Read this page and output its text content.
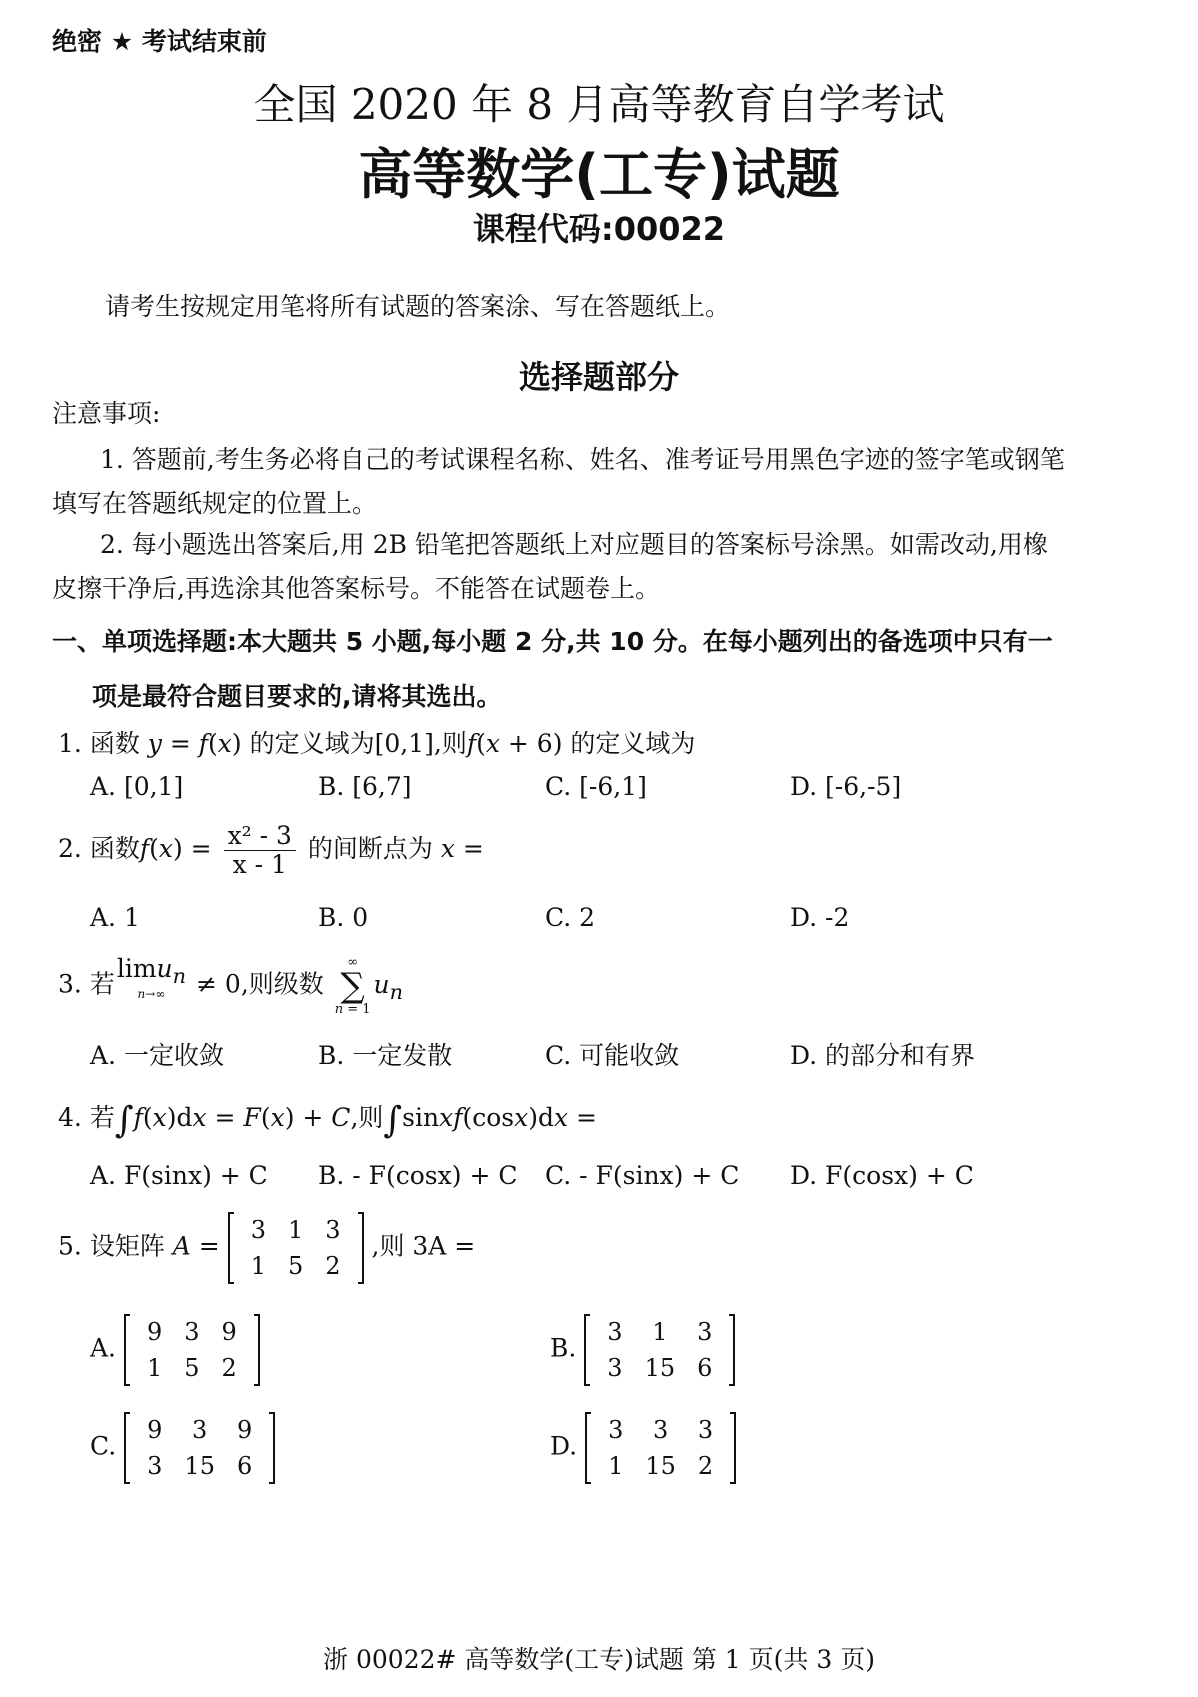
绝密 ★ 考试结束前
全国 2020 年 8 月高等教育自学考试
高等数学(工专)试题
课程代码:00022
请考生按规定用笔将所有试题的答案涂、写在答题纸上。
选择题部分
注意事项:
1. 答题前,考生务必将自己的考试课程名称、姓名、准考证号用黑色字迹的签字笔或钢笔
填写在答题纸规定的位置上。
2. 每小题选出答案后,用 2B 铅笔把答题纸上对应题目的答案标号涂黑。如需改动,用橡
皮擦干净后,再选涂其他答案标号。不能答在试题卷上。
一、单项选择题:本大题共 5 小题,每小题 2 分,共 10 分。在每小题列出的备选项中只有一
项是最符合题目要求的,请将其选出。
1. 函数 y = f(x) 的定义域为[0,1],则f(x + 6) 的定义域为
A. [0,1]	B. [6,7]	C. [-6,1]	D. [-6,-5]
2. 函数$f(x) = \frac{\text{x² - 3}}{x - 1}$ 的间断点为 x =
A. 1	B. 0	C. 2	D. -2
3. 若limu$_n$
n→∞	≠ 0,则级数
∞
∑
n = 1
$u_n$
A. 一定收敛	B. 一定发散	C. 可能收敛	D. 的部分和有界
4. 若∫f(x)dx = F(x) + C,则∫sinxf(cosx)dx =
A. F(sinx) + C B. - F(cosx) + C C. - F(sinx) + C D. F(cosx) + C
5. 设矩阵 A =
3	1	3
1	5	2
,则 3A =
A.
9	3	9
1	5	2
B.
3	1	3
3	15	6
C.
9	3	9
3	15	6
D.
3	3	3
1	15	2
浙 00022# 高等数学(工专)试题 第 1 页(共 3 页)
